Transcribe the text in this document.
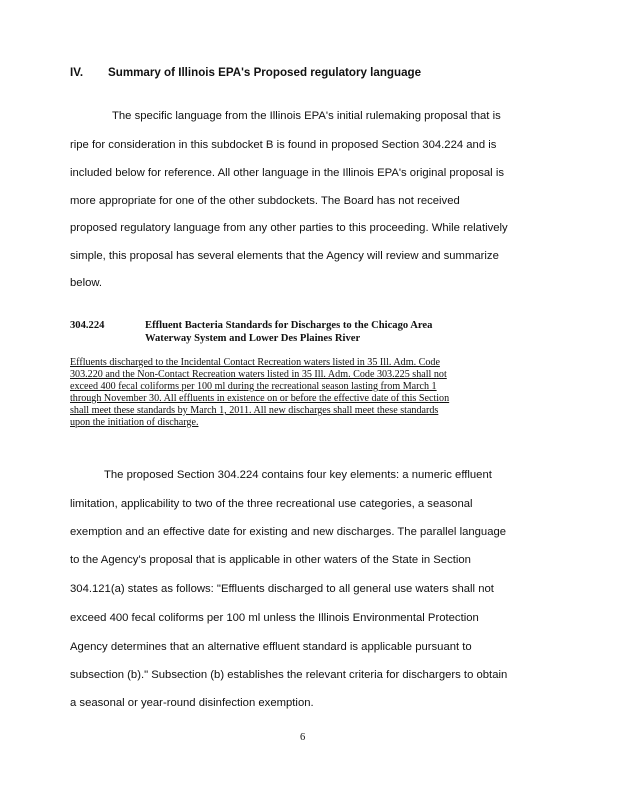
IV. Summary of Illinois EPA's Proposed regulatory language
The specific language from the Illinois EPA's initial rulemaking proposal that is
ripe for consideration in this subdocket B is found in proposed Section 304.224 and is
included below for reference. All other language in the Illinois EPA's original proposal is
more appropriate for one of the other subdockets. The Board has not received
proposed regulatory language from any other parties to this proceeding. While relatively
simple, this proposal has several elements that the Agency will review and summarize
below.
304.224	Effluent Bacteria Standards for Discharges to the Chicago Area
Waterway System and Lower Des Plaines River
Effluents discharged to the Incidental Contact Recreation waters listed in 35 Ill. Adm. Code
303.220 and the Non-Contact Recreation waters listed in 35 Ill. Adm. Code 303.225 shall not
exceed 400 fecal coliforms per 100 ml during the recreational season lasting from March 1
through November 30. All effluents in existence on or before the effective date of this Section
shall meet these standards by March 1, 2011. All new discharges shall meet these standards
upon the initiation of discharge.
The proposed Section 304.224 contains four key elements: a numeric effluent
limitation, applicability to two of the three recreational use categories, a seasonal
exemption and an effective date for existing and new discharges. The parallel language
to the Agency's proposal that is applicable in other waters of the State in Section
304.121(a) states as follows: "Effluents discharged to all general use waters shall not
exceed 400 fecal coliforms per 100 ml unless the Illinois Environmental Protection
Agency determines that an alternative effluent standard is applicable pursuant to
subsection (b)." Subsection (b) establishes the relevant criteria for dischargers to obtain
a seasonal or year-round disinfection exemption.
6
